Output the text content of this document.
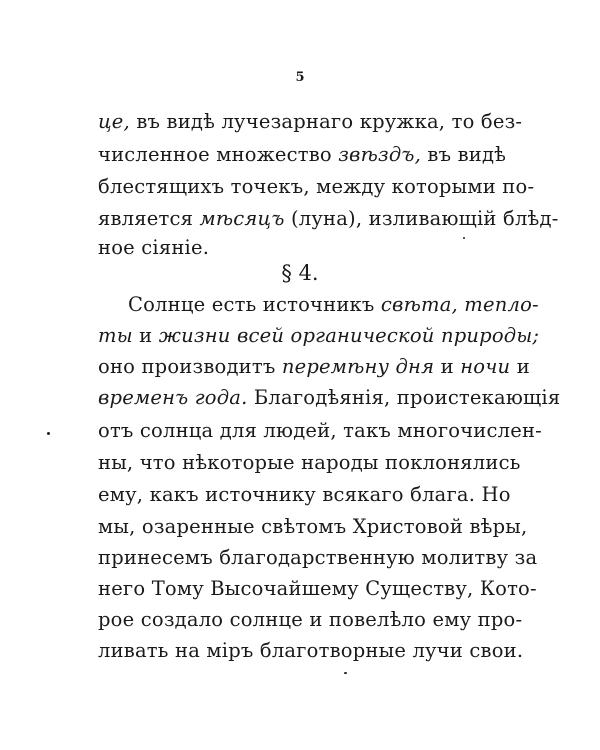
5
це, въ видѣ лучезарнаго кружка, то без-
численное множество звѣздъ, въ видѣ
блестящихъ точекъ, между которыми по-
является мѣсяцъ (луна), изливающій блѣд-
ное сіяніе.
§ 4.
Солнце есть источникъ свѣта, тепло-
ты и жизни всей органической природы;
оно производитъ перемѣну дня и ночи и
временъ года. Благодѣянія, проистекающія
отъ солнца для людей, такъ многочислен-
ны, что нѣкоторые народы поклонялись
ему, какъ источнику всякаго блага. Но
мы, озаренные свѣтомъ Христовой вѣры,
принесемъ благодарственную молитву за
него Тому Высочайшему Существу, Кото-
рое создало солнце и повелѣло ему про-
ливать на міръ благотворные лучи свои.
